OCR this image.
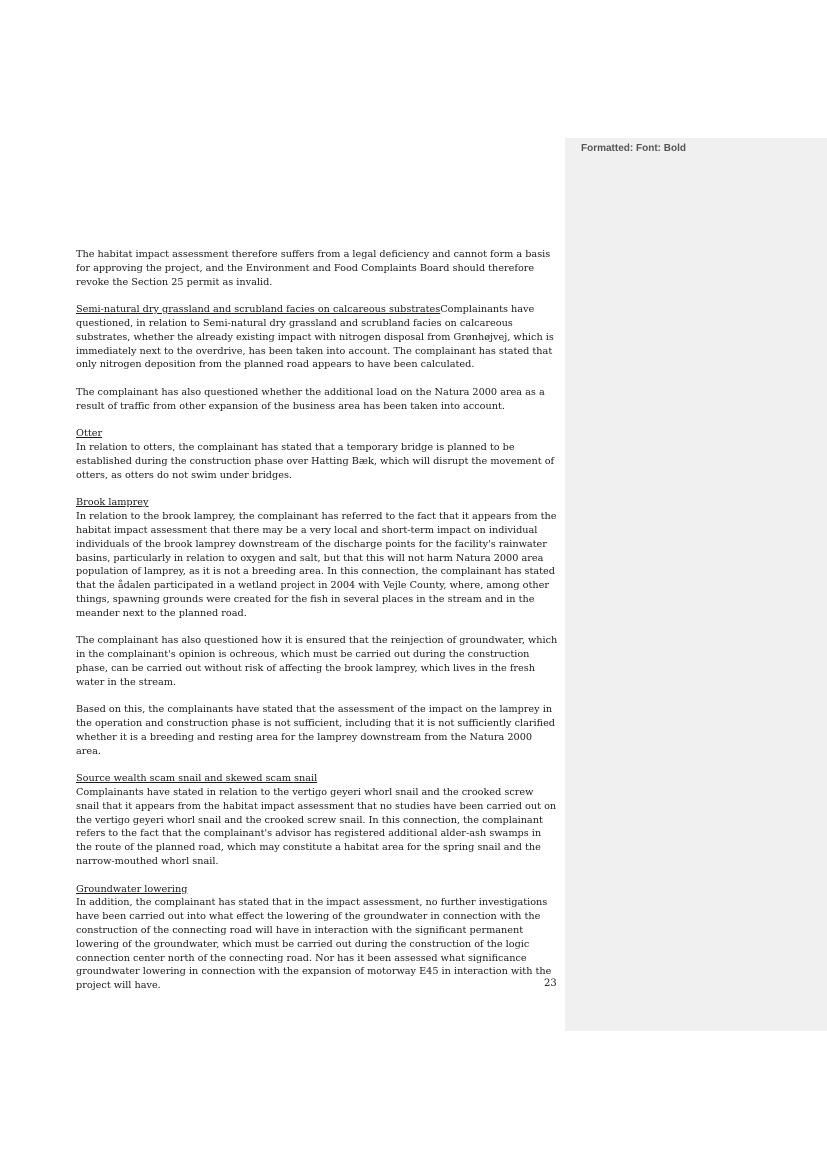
Formatted: Font: Bold

The habitat impact assessment therefore suffers from a legal deficiency and cannot form a basis for approving the project, and the Environment and Food Complaints Board should therefore revoke the Section 25 permit as invalid.

Semi-natural dry grassland and scrubland facies on calcareous substratesComplainants have questioned, in relation to Semi-natural dry grassland and scrubland facies on calcareous substrates, whether the already existing impact with nitrogen disposal from Grønhøjvej, which is immediately next to the overdrive, has been taken into account. The complainant has stated that only nitrogen deposition from the planned road appears to have been calculated.

The complainant has also questioned whether the additional load on the Natura 2000 area as a result of traffic from other expansion of the business area has been taken into account.

Otter
In relation to otters, the complainant has stated that a temporary bridge is planned to be established during the construction phase over Hatting Bæk, which will disrupt the movement of otters, as otters do not swim under bridges.

Brook lamprey
In relation to the brook lamprey, the complainant has referred to the fact that it appears from the habitat impact assessment that there may be a very local and short-term impact on individual individuals of the brook lamprey downstream of the discharge points for the facility's rainwater basins, particularly in relation to oxygen and salt, but that this will not harm Natura 2000 area population of lamprey, as it is not a breeding area. In this connection, the complainant has stated that the ådalen participated in a wetland project in 2004 with Vejle County, where, among other things, spawning grounds were created for the fish in several places in the stream and in the meander next to the planned road.

The complainant has also questioned how it is ensured that the reinjection of groundwater, which in the complainant's opinion is ochreous, which must be carried out during the construction phase, can be carried out without risk of affecting the brook lamprey, which lives in the fresh water in the stream.

Based on this, the complainants have stated that the assessment of the impact on the lamprey in the operation and construction phase is not sufficient, including that it is not sufficiently clarified whether it is a breeding and resting area for the lamprey downstream from the Natura 2000 area.

Source wealth scam snail and skewed scam snail
Complainants have stated in relation to the vertigo geyeri whorl snail and the crooked screw snail that it appears from the habitat impact assessment that no studies have been carried out on the vertigo geyeri whorl snail and the crooked screw snail. In this connection, the complainant refers to the fact that the complainant's advisor has registered additional alder-ash swamps in the route of the planned road, which may constitute a habitat area for the spring snail and the narrow-mouthed whorl snail.

Groundwater lowering
In addition, the complainant has stated that in the impact assessment, no further investigations have been carried out into what effect the lowering of the groundwater in connection with the construction of the connecting road will have in interaction with the significant permanent lowering of the groundwater, which must be carried out during the construction of the logic connection center north of the connecting road. Nor has it been assessed what significance groundwater lowering in connection with the expansion of motorway E45 in interaction with the project will have.	23
